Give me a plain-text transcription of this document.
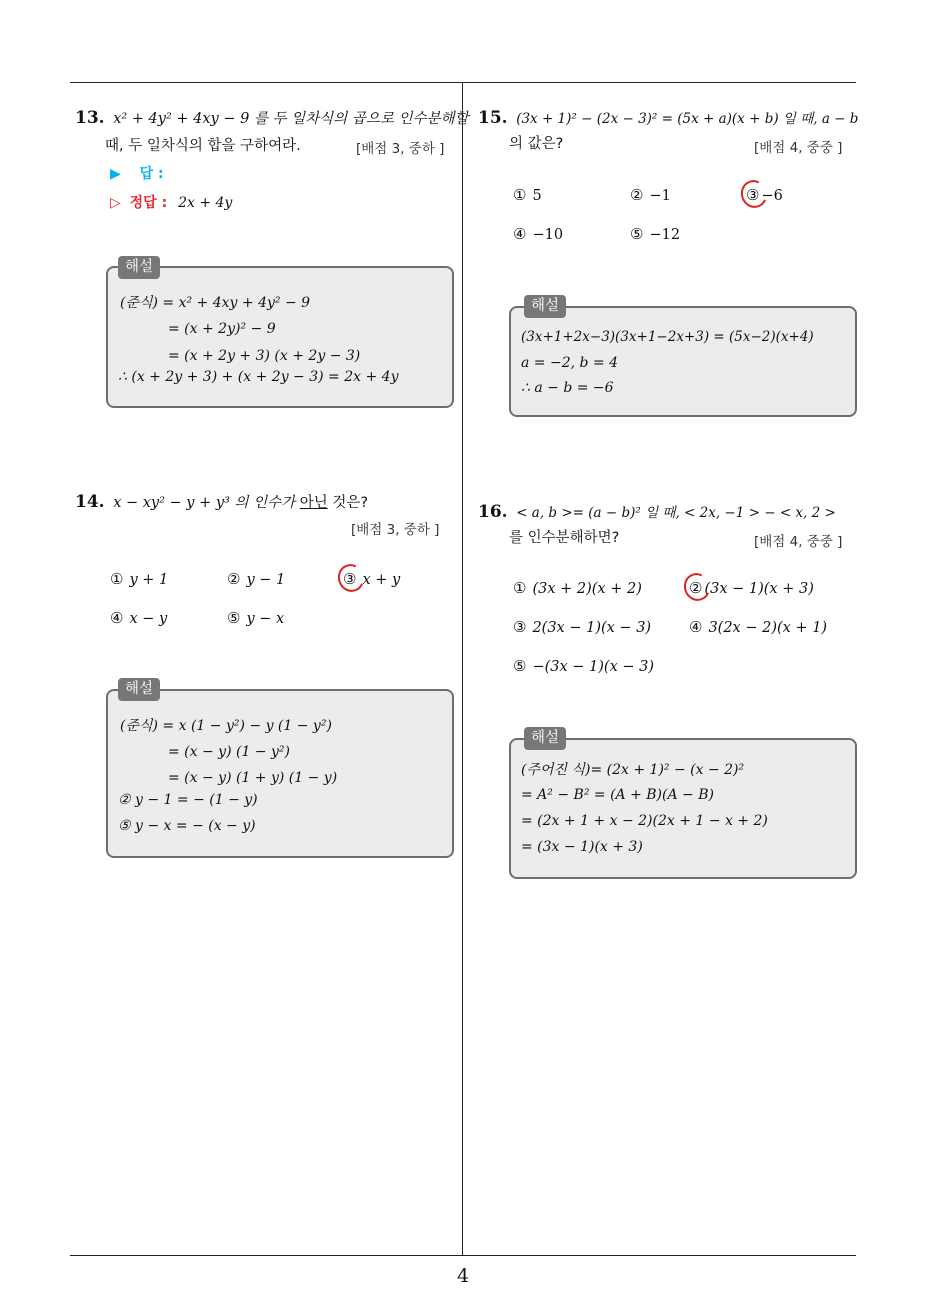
4
13. x² + 4y² + 4xy − 9 를 두 일차식의 곱으로 인수분해할
때, 두 일차식의 합을 구하여라.	[배점 3, 중하 ]
▶ 답 :
▷ 정답 : 2x + 4y
해설
(준식) = x² + 4xy + 4y² − 9
= (x + 2y)² − 9
= (x + 2y + 3) (x + 2y − 3)
∴ (x + 2y + 3) + (x + 2y − 3) = 2x + 4y
14. x − xy² − y + y³ 의 인수가 아닌 것은?
[배점 3, 중하 ]
① y + 1	② y − 1	③ x + y
④ x − y	⑤ y − x
해설
(준식) = x (1 − y²) − y (1 − y²)
= (x − y) (1 − y²)
= (x − y) (1 + y) (1 − y)
② y − 1 = − (1 − y)
⑤ y − x = − (x − y)
15. (3x + 1)² − (2x − 3)² = (5x + a)(x + b) 일 때, a − b
의 값은?	[배점 4, 중중 ]
① 5	② −1	③ −6
④ −10	⑤ −12
해설
(3x+1+2x−3)(3x+1−2x+3) = (5x−2)(x+4)
a = −2, b = 4
∴ a − b = −6
16. < a, b >= (a − b)² 일 때, < 2x, −1 > − < x, 2 >
를 인수분해하면?	[배점 4, 중중 ]
① (3x + 2)(x + 2)	② (3x − 1)(x + 3)
③ 2(3x − 1)(x − 3)	④ 3(2x − 2)(x + 1)
⑤ −(3x − 1)(x − 3)
해설
(주어진 식)= (2x + 1)² − (x − 2)²
= A² − B² = (A + B)(A − B)
= (2x + 1 + x − 2)(2x + 1 − x + 2)
= (3x − 1)(x + 3)
